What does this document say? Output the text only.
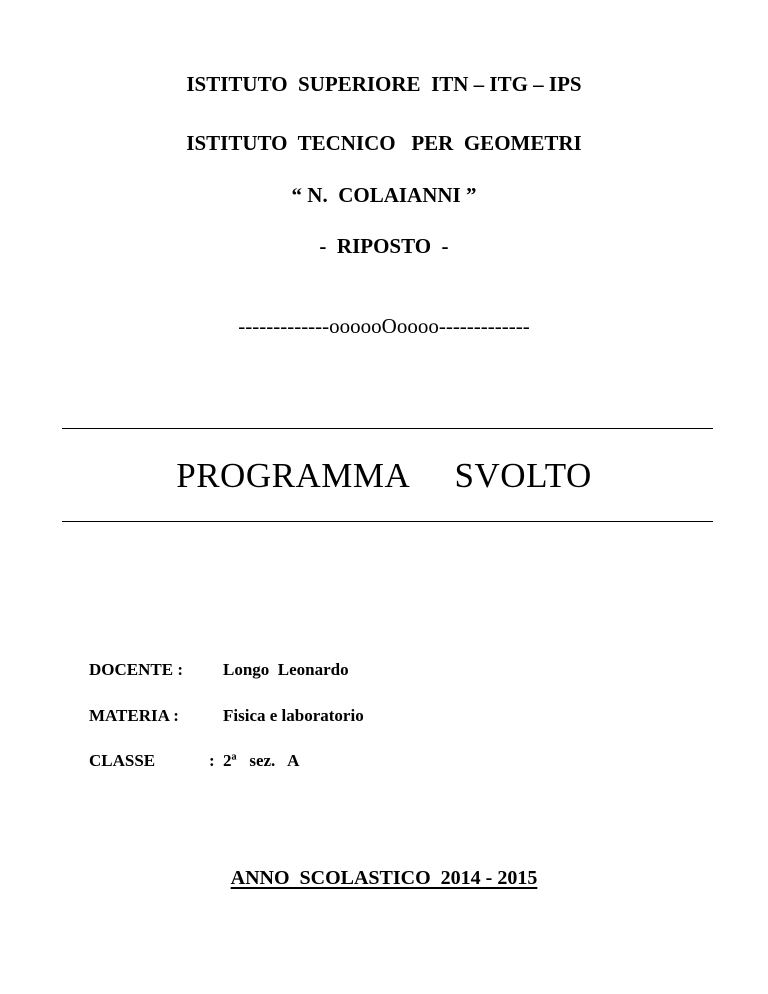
ISTITUTO  SUPERIORE  ITN – ITG – IPS
ISTITUTO  TECNICO   PER  GEOMETRI
“ N.  COLAIANNI ”
-  RIPOSTO  -
-------------oooooOoooo-------------
PROGRAMMA     SVOLTO

DOCENTE : Longo  Leonardo

MATERIA :	Fisica e laboratorio

CLASSE	: 2ª   sez.   A

ANNO  SCOLASTICO  2014 - 2015
